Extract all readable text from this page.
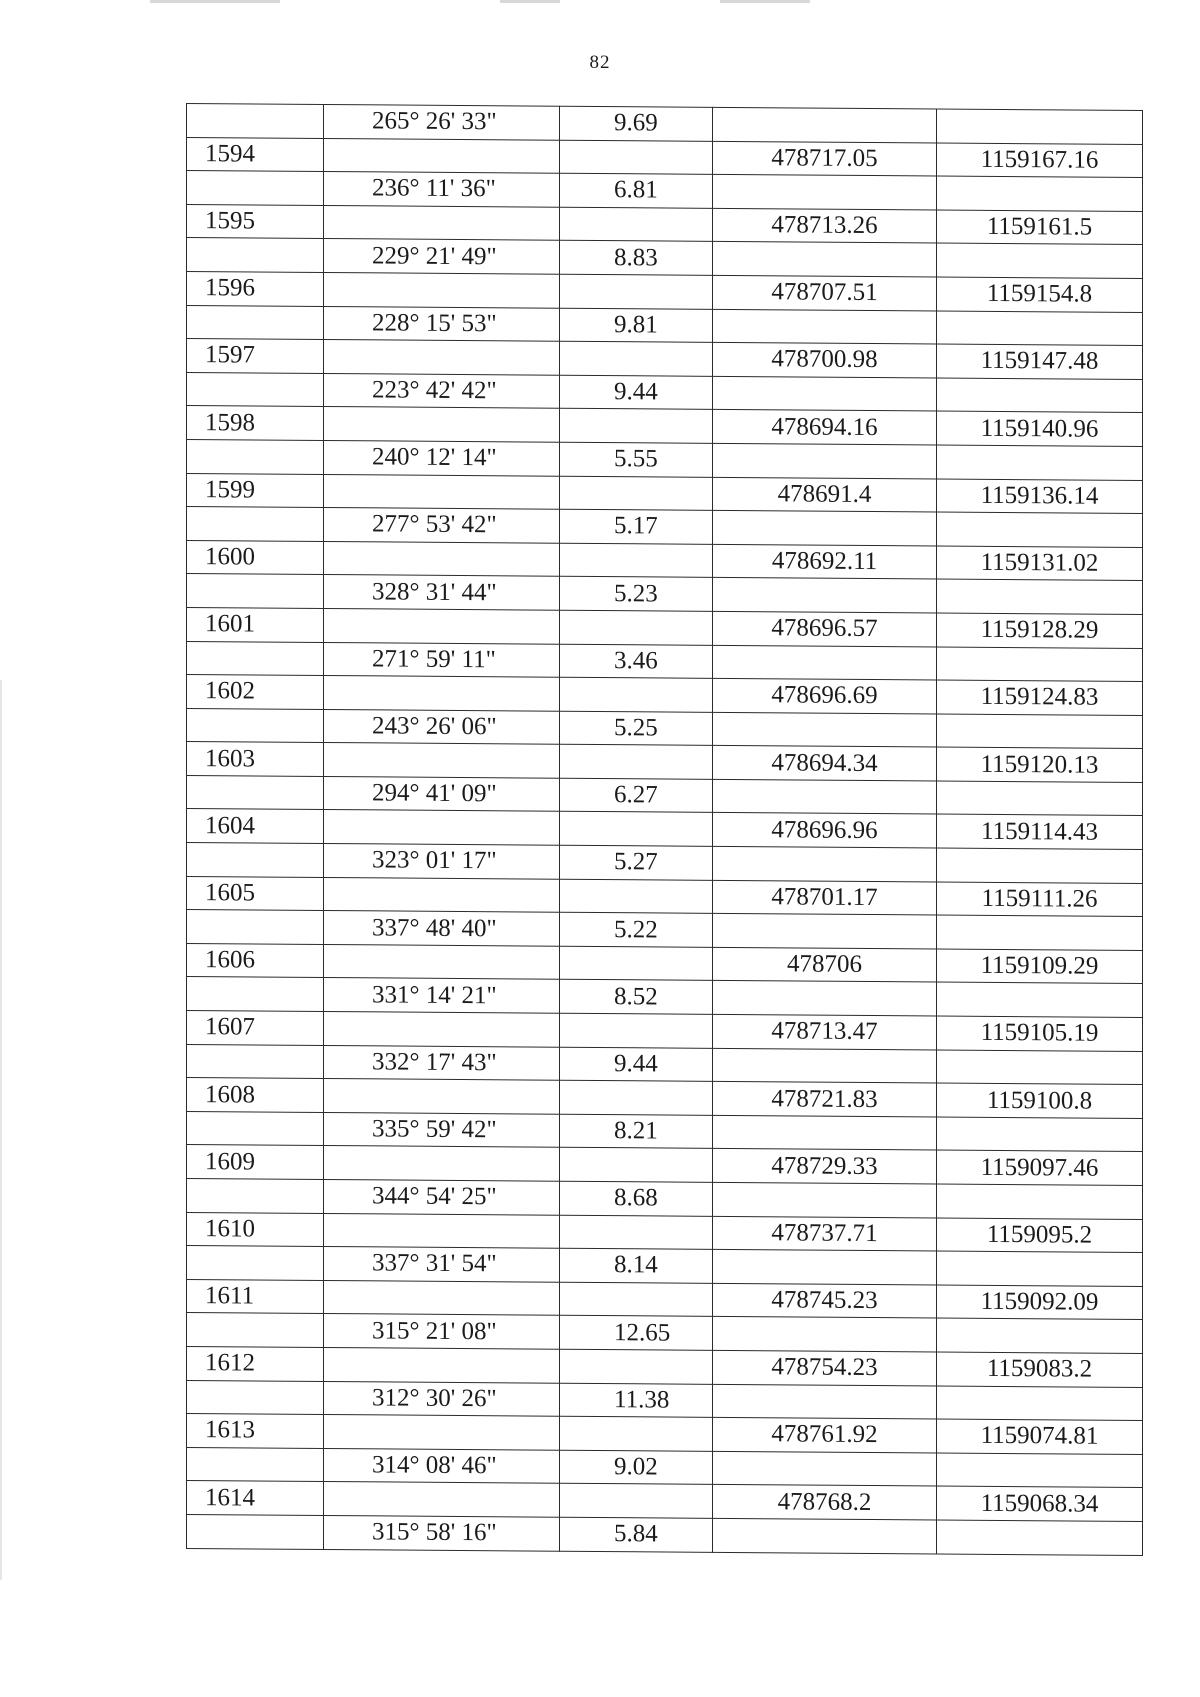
82
	265° 26' 33"	9.69		
1594			478717.05	1159167.16
	236° 11' 36"	6.81		
1595			478713.26	1159161.5
	229° 21' 49"	8.83		
1596			478707.51	1159154.8
	228° 15' 53"	9.81		
1597			478700.98	1159147.48
	223° 42' 42"	9.44		
1598			478694.16	1159140.96
	240° 12' 14"	5.55		
1599			478691.4	1159136.14
	277° 53' 42"	5.17		
1600			478692.11	1159131.02
	328° 31' 44"	5.23		
1601			478696.57	1159128.29
	271° 59' 11"	3.46		
1602			478696.69	1159124.83
	243° 26' 06"	5.25		
1603			478694.34	1159120.13
	294° 41' 09"	6.27		
1604			478696.96	1159114.43
	323° 01' 17"	5.27		
1605			478701.17	1159111.26
	337° 48' 40"	5.22		
1606			478706	1159109.29
	331° 14' 21"	8.52		
1607			478713.47	1159105.19
	332° 17' 43"	9.44		
1608			478721.83	1159100.8
	335° 59' 42"	8.21		
1609			478729.33	1159097.46
	344° 54' 25"	8.68		
1610			478737.71	1159095.2
	337° 31' 54"	8.14		
1611			478745.23	1159092.09
	315° 21' 08"	12.65		
1612			478754.23	1159083.2
	312° 30' 26"	11.38		
1613			478761.92	1159074.81
	314° 08' 46"	9.02		
1614			478768.2	1159068.34
	315° 58' 16"	5.84		
